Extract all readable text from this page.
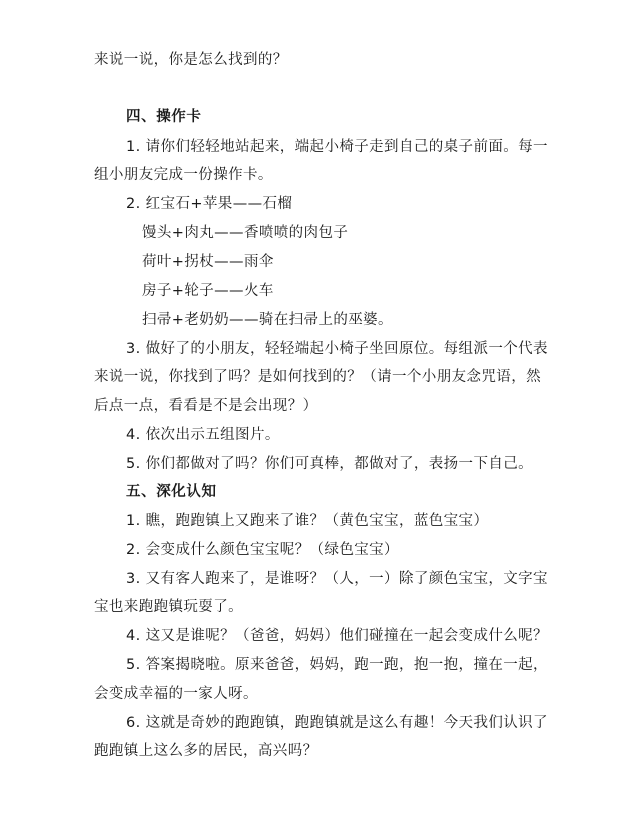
来说一说，你是怎么找到的？
四、操作卡
1. 请你们轻轻地站起来，端起小椅子走到自己的桌子前面。每一
组小朋友完成一份操作卡。
2. 红宝石+苹果——石榴
馒头+肉丸——香喷喷的肉包子
荷叶+拐杖——雨伞
房子+轮子——火车
扫帚+老奶奶——骑在扫帚上的巫婆。
3. 做好了的小朋友，轻轻端起小椅子坐回原位。每组派一个代表
来说一说，你找到了吗？是如何找到的？（请一个小朋友念咒语，然
后点一点，看看是不是会出现？）
4. 依次出示五组图片。
5. 你们都做对了吗？你们可真棒，都做对了，表扬一下自己。
五、深化认知
1. 瞧，跑跑镇上又跑来了谁？（黄色宝宝，蓝色宝宝）
2. 会变成什么颜色宝宝呢？（绿色宝宝）
3. 又有客人跑来了，是谁呀？（人，一）除了颜色宝宝，文字宝
宝也来跑跑镇玩耍了。
4. 这又是谁呢？（爸爸，妈妈）他们碰撞在一起会变成什么呢？
5. 答案揭晓啦。原来爸爸，妈妈，跑一跑，抱一抱，撞在一起，
会变成幸福的一家人呀。
6. 这就是奇妙的跑跑镇，跑跑镇就是这么有趣！今天我们认识了
跑跑镇上这么多的居民，高兴吗？
